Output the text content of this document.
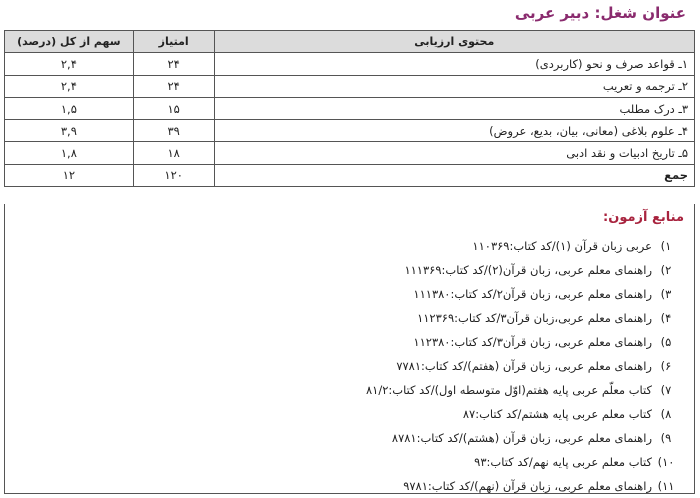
عنوان شغل: دبیر عربی
محتوی ارزیابی	امتیاز	سهم از کل (درصد)
۱ـ قواعد صرف و نحو (کاربردی)	۲۴	۲,۴
۲ـ ترجمه و تعریب	۲۴	۲,۴
۳ـ درک مطلب	۱۵	۱,۵
۴ـ علوم بلاغی (معانی، بیان، بدیع، عروض)	۳۹	۳,۹
۵ـ تاریخ ادبیات و نقد ادبی	۱۸	۱,۸
جمع	۱۲۰	۱۲
منابع آزمون:
۱)
عربی زبان قرآن (۱)/کد کتاب:۱۱۰۳۶۹
۲)
راهنمای معلم عربی، زبان قرآن(۲)/کد کتاب:۱۱۱۳۶۹
۳)
راهنمای معلم عربی، زبان قرآن۲/کد کتاب:۱۱۱۳۸۰
۴)
راهنمای معلم عربی،زبان قرآن۳/کد کتاب:۱۱۲۳۶۹
۵)
راهنمای معلم عربی، زبان قرآن۳/کد کتاب:۱۱۲۳۸۰
۶)
راهنمای معلم عربی، زبان قرآن (هفتم)/کد کتاب:۷۷۸۱
۷)
کتاب معلّم عربی پایه هفتم(اوّل متوسطه اول)/کد کتاب:۸۱/۲
۸)
کتاب معلم عربی پایه هشتم/کد کتاب:۸۷
۹)
راهنمای معلم عربی، زبان قرآن (هشتم)/کد کتاب:۸۷۸۱
۱۰)
کتاب معلم عربی پایه نهم/کد کتاب:۹۳
۱۱)
راهنمای معلم عربی، زبان قرآن (نهم)/کد کتاب:۹۷۸۱
